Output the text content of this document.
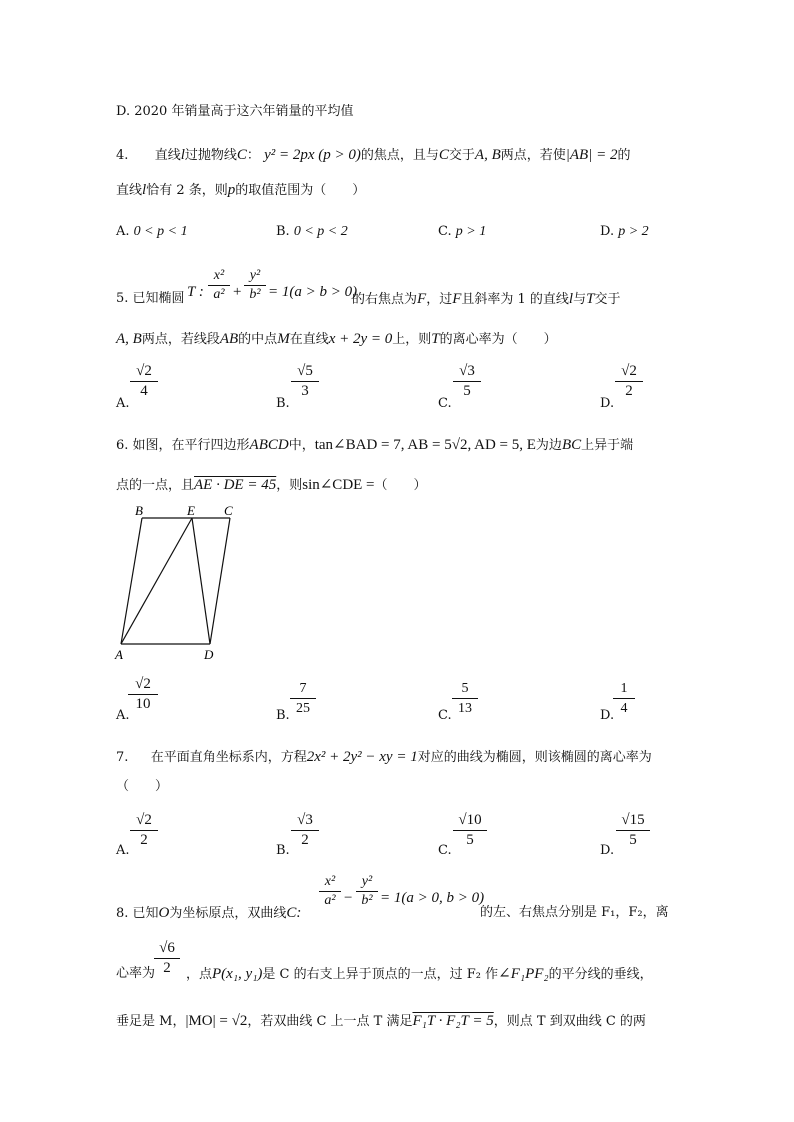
D. 2020 年销量高于这六年销量的平均值
4. 直线l过抛物线C： y² = 2px (p > 0)的焦点，且与C交于A, B两点，若使|AB| = 2的
直线l恰有 2 条，则p的取值范围为（　　）
A. 0 < p < 1	B. 0 < p < 2	C. p > 1	D. p > 2
5. 已知椭圆 T :
x²
a² +
y²
b² = 1(a > b > 0)
的右焦点为F，过F且斜率为 1 的直线l与T交于
A, B两点，若线段AB的中点M在直线x + 2y = 0上，则T的离心率为（　　）
A.
√2
4
B.
√5
3
C.
√3
5
D.
√2
2
6. 如图，在平行四边形ABCD中，tan∠BAD = 7, AB = 5√2, AD = 5, E为边BC上异于端
点的一点，且AE · DE = 45，则sin∠CDE =（　　）
B	E C
A	D
A.
√2
10
B.
7
25	C.
5
13	D.
1
4
7. 在平面直角坐标系内，方程2x² + 2y² − xy = 1对应的曲线为椭圆，则该椭圆的离心率为
（　　）
A.
√2
2
B.
√3
2
C.
√10
5
D.
√15
5
8. 已知O为坐标原点，双曲线C:
x²
a² −
y²
b² = 1(a > 0, b > 0)
的左、右焦点分别是 F₁，F₂，离
心率为
√6
2	，点P(x₁, y₁)是 C 的右支上异于顶点的一点，过 F₂ 作∠F₁PF₂的平分线的垂线，
垂足是 M，|MO| = √2，若双曲线 C 上一点 T 满足F₁T · F₂T = 5，则点 T 到双曲线 C 的两
